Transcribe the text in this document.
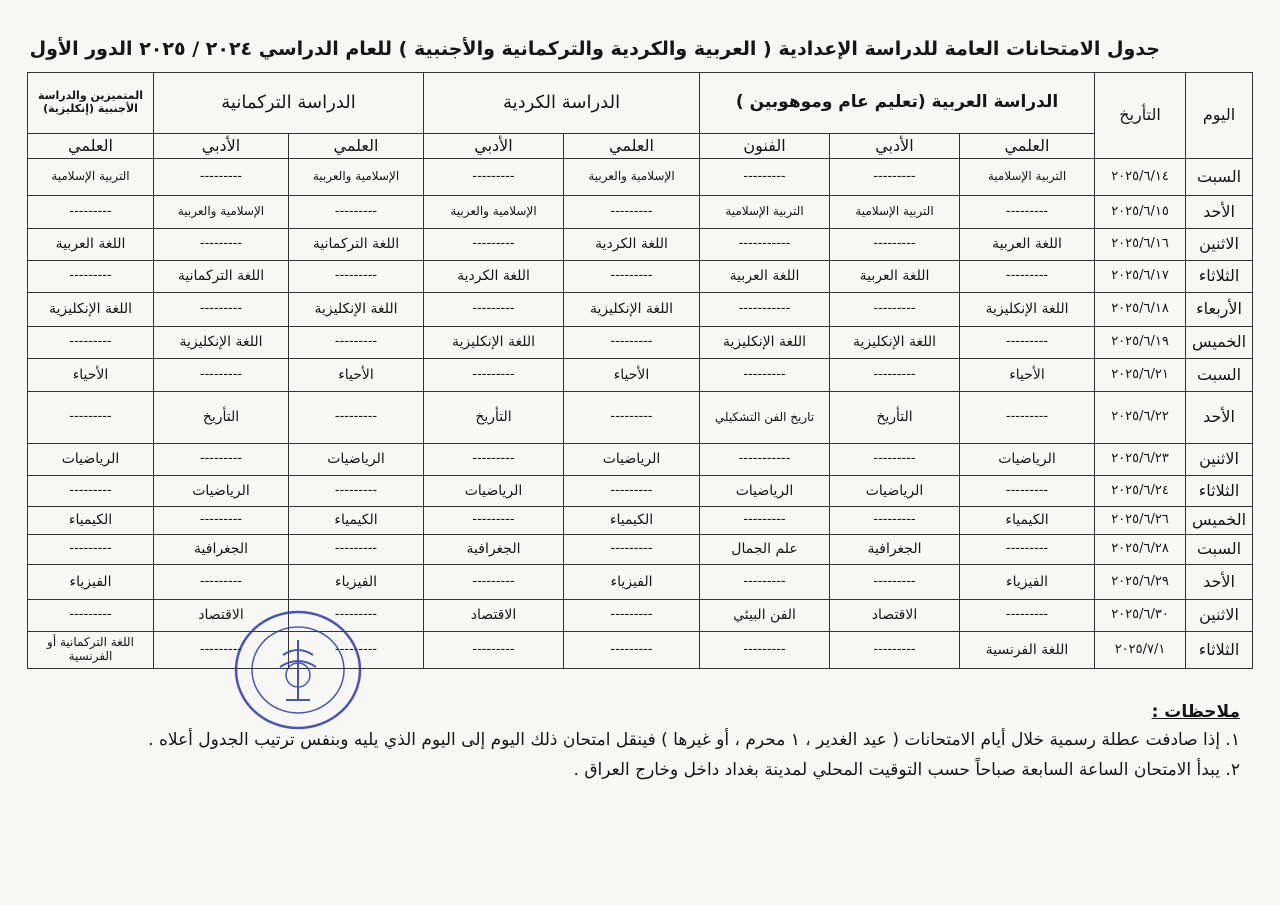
جدول الامتحانات العامة للدراسة الإعدادية ( العربية والكردية والتركمانية والأجنبية ) للعام الدراسي ٢٠٢٤ / ٢٠٢٥ الدور الأول
اليوم	التأريخ	الدراسة العربية (تعليم عام وموهوبين )			الدراسة الكردية		الدراسة التركمانية		المتميزين والدراسة الأجنبية (إنكليزية)
		العلمي	الأدبي	الفنون	العلمي	الأدبي	العلمي	الأدبي	العلمي
السبت	٢٠٢٥/٦/١٤	التربية الإسلامية	---------	---------	الإسلامية والعربية	---------	الإسلامية والعربية	---------	التربية الإسلامية
الأحد	٢٠٢٥/٦/١٥	---------	التربية الإسلامية	التربية الإسلامية	---------	الإسلامية والعربية	---------	الإسلامية والعربية	---------
الاثنين	٢٠٢٥/٦/١٦	اللغة العربية	---------	-----------	اللغة الكردية	---------	اللغة التركمانية	---------	اللغة العربية
الثلاثاء	٢٠٢٥/٦/١٧	---------	اللغة العربية	اللغة العربية	---------	اللغة الكردية	---------	اللغة التركمانية	---------
الأربعاء	٢٠٢٥/٦/١٨	اللغة الإنكليزية	---------	-----------	اللغة الإنكليزية	---------	اللغة الإنكليزية	---------	اللغة الإنكليزية
الخميس	٢٠٢٥/٦/١٩	---------	اللغة الإنكليزية	اللغة الإنكليزية	---------	اللغة الإنكليزية	---------	اللغة الإنكليزية	---------
السبت	٢٠٢٥/٦/٢١	الأحياء	---------	---------	الأحياء	---------	الأحياء	---------	الأحياء
الأحد	٢٠٢٥/٦/٢٢	---------	التأريخ	تاريخ الفن التشكيلي	---------	التأريخ	---------	التأريخ	---------
الاثنين	٢٠٢٥/٦/٢٣	الرياضيات	---------	-----------	الرياضيات	---------	الرياضيات	---------	الرياضيات
الثلاثاء	٢٠٢٥/٦/٢٤	---------	الرياضيات	الرياضيات	---------	الرياضيات	---------	الرياضيات	---------
الخميس	٢٠٢٥/٦/٢٦	الكيمياء	---------	---------	الكيمياء	---------	الكيمياء	---------	الكيمياء
السبت	٢٠٢٥/٦/٢٨	---------	الجغرافية	علم الجمال	---------	الجغرافية	---------	الجغرافية	---------
الأحد	٢٠٢٥/٦/٢٩	الفيزياء	---------	---------	الفيزياء	---------	الفيزياء	---------	الفيزياء
الاثنين	٢٠٢٥/٦/٣٠	---------	الاقتصاد	الفن البيئي	---------	الاقتصاد	---------	الاقتصاد	---------
الثلاثاء	٢٠٢٥/٧/١	اللغة الفرنسية	---------	---------	---------	---------	---------	---------	اللغة التركمانية أو الفرنسية
ملاحظات :
١. إذا صادفت عطلة رسمية خلال أيام الامتحانات ( عيد الغدير ، ١ محرم ، أو غيرها ) فينقل امتحان ذلك اليوم إلى اليوم الذي يليه وبنفس ترتيب الجدول أعلاه .
٢. يبدأ الامتحان الساعة السابعة صباحاً حسب التوقيت المحلي لمدينة بغداد داخل وخارج العراق .
